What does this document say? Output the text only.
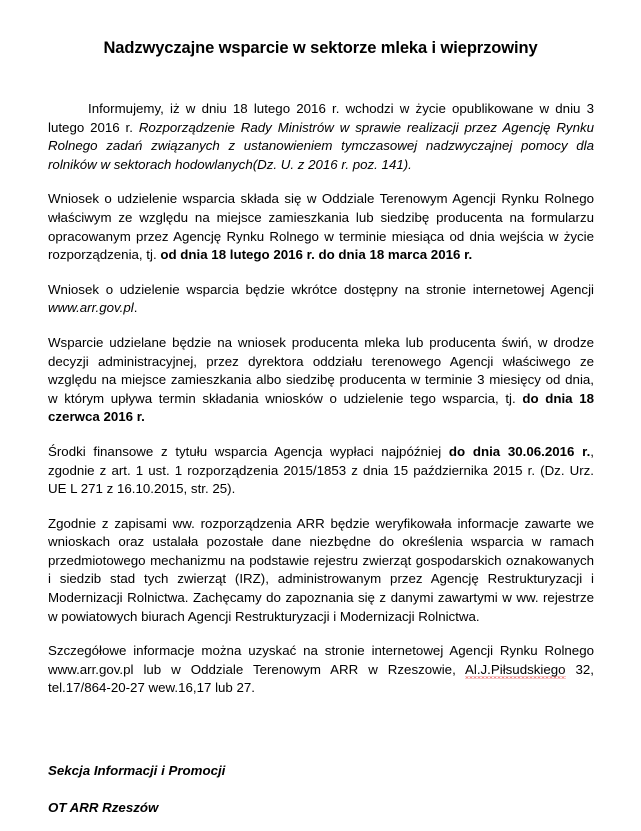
Nadzwyczajne wsparcie w sektorze mleka i wieprzowiny

Informujemy, iż w dniu 18 lutego 2016 r. wchodzi w życie opublikowane w dniu 3 lutego 2016 r. Rozporządzenie Rady Ministrów w sprawie realizacji przez Agencję Rynku Rolnego zadań związanych z ustanowieniem tymczasowej nadzwyczajnej pomocy dla rolników w sektorach hodowlanych(Dz. U. z 2016 r. poz. 141).

Wniosek o udzielenie wsparcia składa się w Oddziale Terenowym Agencji Rynku Rolnego właściwym ze względu na miejsce zamieszkania lub siedzibę producenta na formularzu opracowanym przez Agencję Rynku Rolnego w terminie miesiąca od dnia wejścia w życie rozporządzenia, tj. od dnia 18 lutego 2016 r. do dnia 18 marca 2016 r.

Wniosek o udzielenie wsparcia będzie wkrótce dostępny na stronie internetowej Agencji www.arr.gov.pl.

Wsparcie udzielane będzie na wniosek producenta mleka lub producenta świń, w drodze decyzji administracyjnej, przez dyrektora oddziału terenowego Agencji właściwego ze względu na miejsce zamieszkania albo siedzibę producenta w terminie 3 miesięcy od dnia, w którym upływa termin składania wniosków o udzielenie tego wsparcia, tj. do dnia 18 czerwca 2016 r.

Środki finansowe z tytułu wsparcia Agencja wypłaci najpóźniej do dnia 30.06.2016 r., zgodnie z art. 1 ust. 1 rozporządzenia 2015/1853 z dnia 15 października 2015 r. (Dz. Urz. UE L 271 z 16.10.2015, str. 25).

Zgodnie z zapisami ww. rozporządzenia ARR będzie weryfikowała informacje zawarte we wnioskach oraz ustalała pozostałe dane niezbędne do określenia wsparcia w ramach przedmiotowego mechanizmu na podstawie rejestru zwierząt gospodarskich oznakowanych i siedzib stad tych zwierząt (IRZ), administrowanym przez Agencję Restrukturyzacji i Modernizacji Rolnictwa. Zachęcamy do zapoznania się z danymi zawartymi w ww. rejestrze w powiatowych biurach Agencji Restrukturyzacji i Modernizacji Rolnictwa.

Szczegółowe informacje można uzyskać na stronie internetowej Agencji Rynku Rolnego www.arr.gov.pl lub w Oddziale Terenowym ARR w Rzeszowie, Al.J.Piłsudskiego 32, tel.17/864-20-27 wew.16,17 lub 27.

Sekcja Informacji i Promocji

OT ARR Rzeszów
